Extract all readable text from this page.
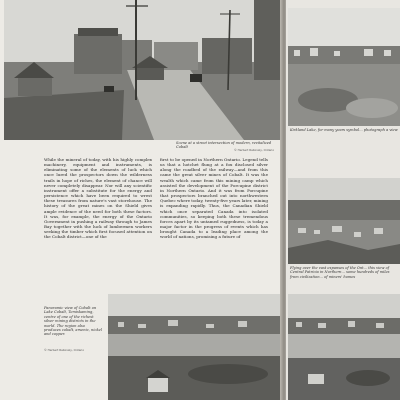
Scene at a street intersection of modern, revitalized Cobalt
© Herbert Rabinsky, Ontario

While the mineral of today, with his highly complex machinery, equipment and instruments, is eliminating some of the elements of luck which once lured the prospectors down the wilderness trails in hope of riches, the element of chance will never completely disappear. Nor will any scientific instrument offer a substitute for the energy and persistence which have been required to wrest these treasures from nature's vast storehouse. The history of the great mines on the Shield gives ample evidence of the need for both these factors. It was, for example, the energy of the Ontario Government in pushing a railway through to James Bay together with the luck of lumbermen workers seeking the timber which first focused attention on the Cobalt district—one of the

first to be opened in Northern Ontario. Legend tells us that a hotchet flung at a fox disclosed silver along the roadbed of the railway—and from this came the great silver mines of Cobalt. It was the wealth which came from this mining camp which assisted the development of the Porcupine district in Northern Ontario. And it was from Porcupine that prospectors branched out into northwestern Quebec where today, twenty-five years later, mining is expanding rapidly. Thus, the Canadian Shield which once separated Canada into isolated communities, so keeping both these tremendous forces apart by its untamed ruggedness, is today a major factor in the progress of events which has brought Canada to a leading place among the world of nations, promising a future of

Panoramic view of Cobalt on Lake Cobalt, Temiskaming, centre of one of the richest silver mining districts in the world. The region also produces cobalt, arsenic, nickel and copper.
© Herbert Rabinsky, Ontario
Kirkland Lake, for many years symbol... photograph a view
Flying over the vast expanses of the Ont... this view of Central Patricia in Northern... some hundreds of miles from civilization... of miners' homes
